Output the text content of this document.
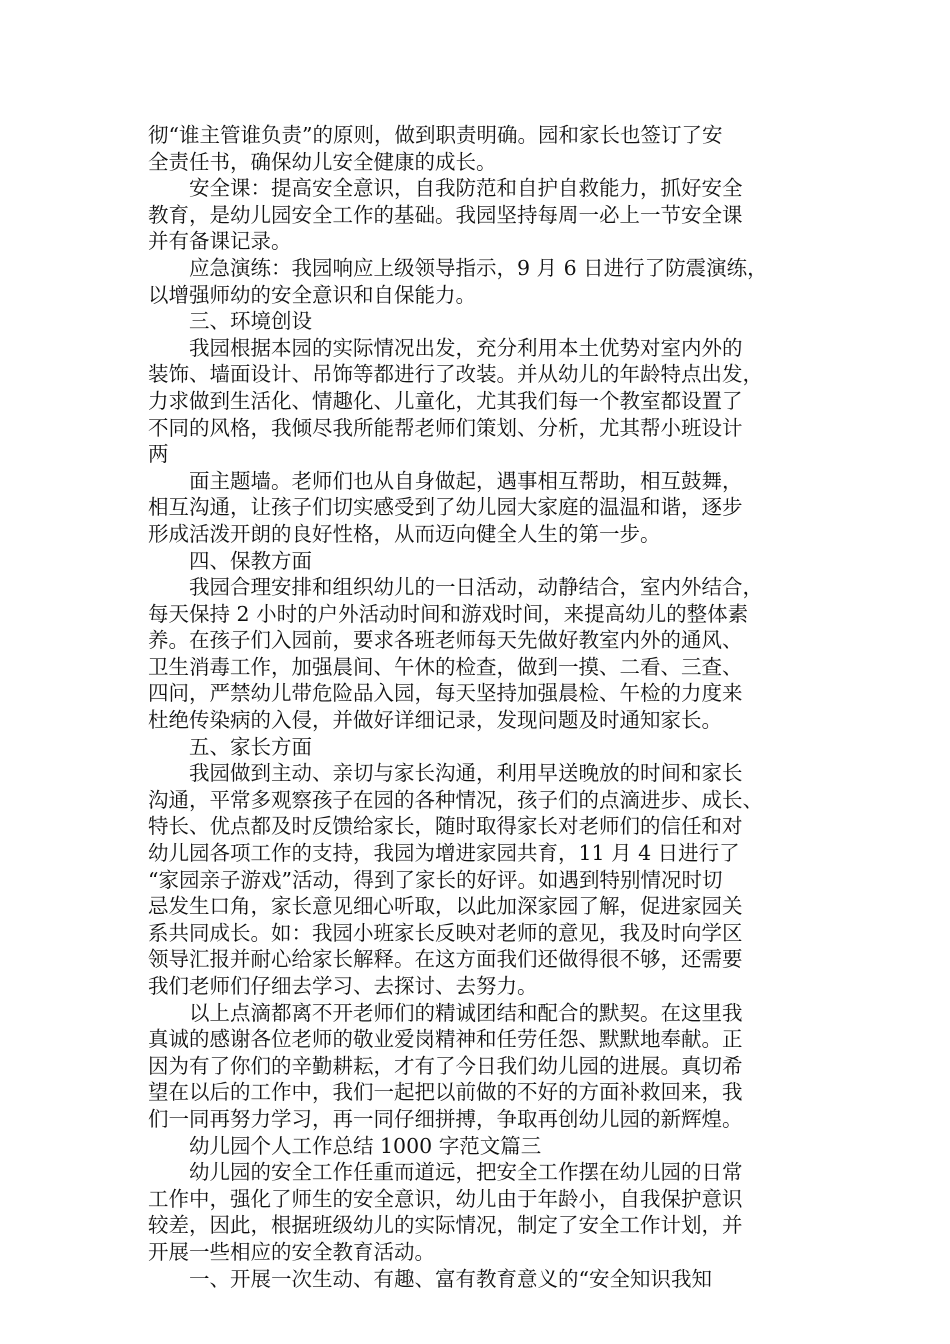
彻“谁主管谁负责”的原则，做到职责明确。园和家长也签订了安
全责任书，确保幼儿安全健康的成长。
安全课：提高安全意识，自我防范和自护自救能力，抓好安全
教育，是幼儿园安全工作的基础。我园坚持每周一必上一节安全课
并有备课记录。
应急演练：我园响应上级领导指示，9 月 6 日进行了防震演练，
以增强师幼的安全意识和自保能力。
三、环境创设
我园根据本园的实际情况出发，充分利用本土优势对室内外的
装饰、墙面设计、吊饰等都进行了改装。并从幼儿的年龄特点出发，
力求做到生活化、情趣化、儿童化，尤其我们每一个教室都设置了
不同的风格，我倾尽我所能帮老师们策划、分析，尤其帮小班设计
两
面主题墙。老师们也从自身做起，遇事相互帮助，相互鼓舞，
相互沟通，让孩子们切实感受到了幼儿园大家庭的温温和谐，逐步
形成活泼开朗的良好性格，从而迈向健全人生的第一步。
四、保教方面
我园合理安排和组织幼儿的一日活动，动静结合，室内外结合，
每天保持 2 小时的户外活动时间和游戏时间，来提高幼儿的整体素
养。在孩子们入园前，要求各班老师每天先做好教室内外的通风、
卫生消毒工作，加强晨间、午休的检查，做到一摸、二看、三查、
四问，严禁幼儿带危险品入园，每天坚持加强晨检、午检的力度来
杜绝传染病的入侵，并做好详细记录，发现问题及时通知家长。
五、家长方面
我园做到主动、亲切与家长沟通，利用早送晚放的时间和家长
沟通，平常多观察孩子在园的各种情况，孩子们的点滴进步、成长、
特长、优点都及时反馈给家长，随时取得家长对老师们的信任和对
幼儿园各项工作的支持，我园为增进家园共育，11 月 4 日进行了
“家园亲子游戏”活动，得到了家长的好评。如遇到特别情况时切
忌发生口角，家长意见细心听取，以此加深家园了解，促进家园关
系共同成长。如：我园小班家长反映对老师的意见，我及时向学区
领导汇报并耐心给家长解释。在这方面我们还做得很不够，还需要
我们老师们仔细去学习、去探讨、去努力。
以上点滴都离不开老师们的精诚团结和配合的默契。在这里我
真诚的感谢各位老师的敬业爱岗精神和任劳任怨、默默地奉献。正
因为有了你们的辛勤耕耘，才有了今日我们幼儿园的进展。真切希
望在以后的工作中，我们一起把以前做的不好的方面补救回来，我
们一同再努力学习，再一同仔细拼搏，争取再创幼儿园的新辉煌。
幼儿园个人工作总结 1000 字范文篇三
幼儿园的安全工作任重而道远，把安全工作摆在幼儿园的日常
工作中，强化了师生的安全意识，幼儿由于年龄小，自我保护意识
较差，因此，根据班级幼儿的实际情况，制定了安全工作计划，并
开展一些相应的安全教育活动。
一、开展一次生动、有趣、富有教育意义的“安全知识我知
